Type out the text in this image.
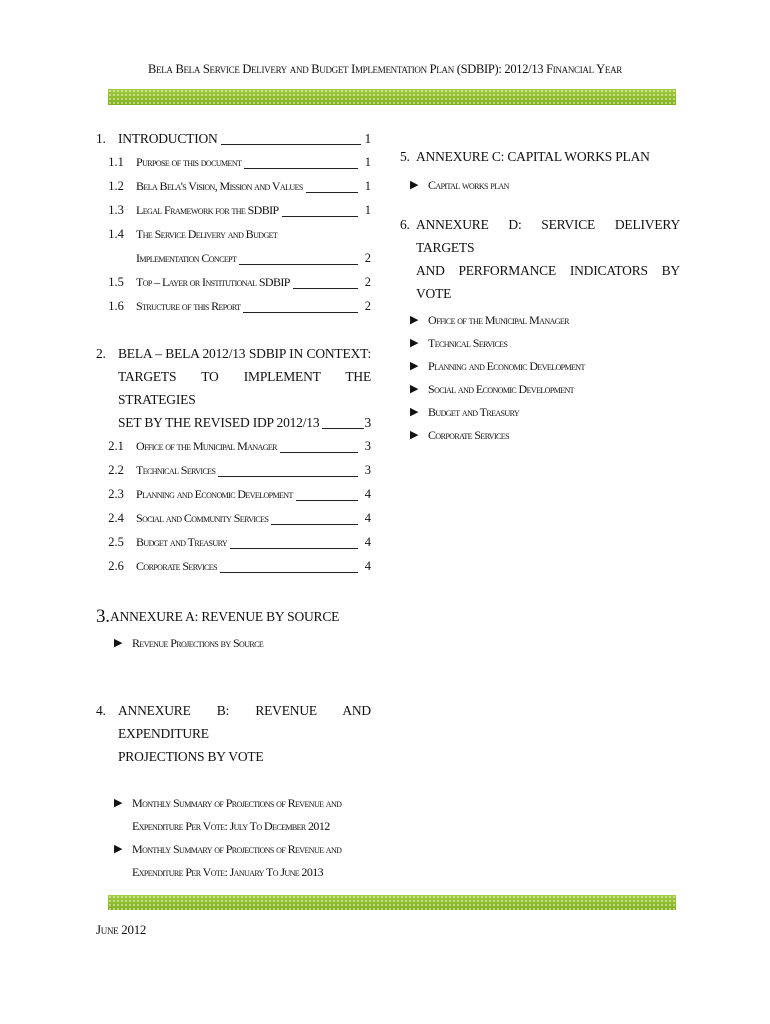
Bela Bela Service Delivery and Budget Implementation Plan (SDBIP): 2012/13 Financial Year
1. INTRODUCTION	1
1.1	Purpose of this document	1
1.2	Bela Bela's Vision, Mission and Values	1
1.3	Legal Framework for the SDBIP	1
1.4	The Service Delivery and Budget
Implementation Concept	2
1.5	Top – Layer or Institutional SDBIP	2
1.6	Structure of this Report	2
2. BELA – BELA 2012/13 SDBIP IN CONTEXT:
TARGETS TO IMPLEMENT THE STRATEGIES
SET BY THE REVISED IDP 2012/13	3
2.1	Office of the Municipal Manager	3
2.2	Technical Services	3
2.3	Planning and Economic Development	4
2.4	Social and Community Services	4
2.5	Budget and Treasury	4
2.6	Corporate Services	4
3. ANNEXURE A: REVENUE BY SOURCE
▶ Revenue Projections by Source
4. ANNEXURE B: REVENUE AND EXPENDITURE
PROJECTIONS BY VOTE
▶ Monthly Summary of Projections of Revenue and
Expenditure Per Vote: July To December 2012
▶ Monthly Summary of Projections of Revenue and
Expenditure Per Vote: January To June 2013
5. ANNEXURE C: CAPITAL WORKS PLAN
▶ Capital works plan
6. ANNEXURE D: SERVICE DELIVERY TARGETS
AND PERFORMANCE INDICATORS BY VOTE
▶ Office of the Municipal Manager
▶ Technical Services
▶ Planning and Economic Development
▶ Social and Economic Development
▶ Budget and Treasury
▶ Corporate Services
June 2012
